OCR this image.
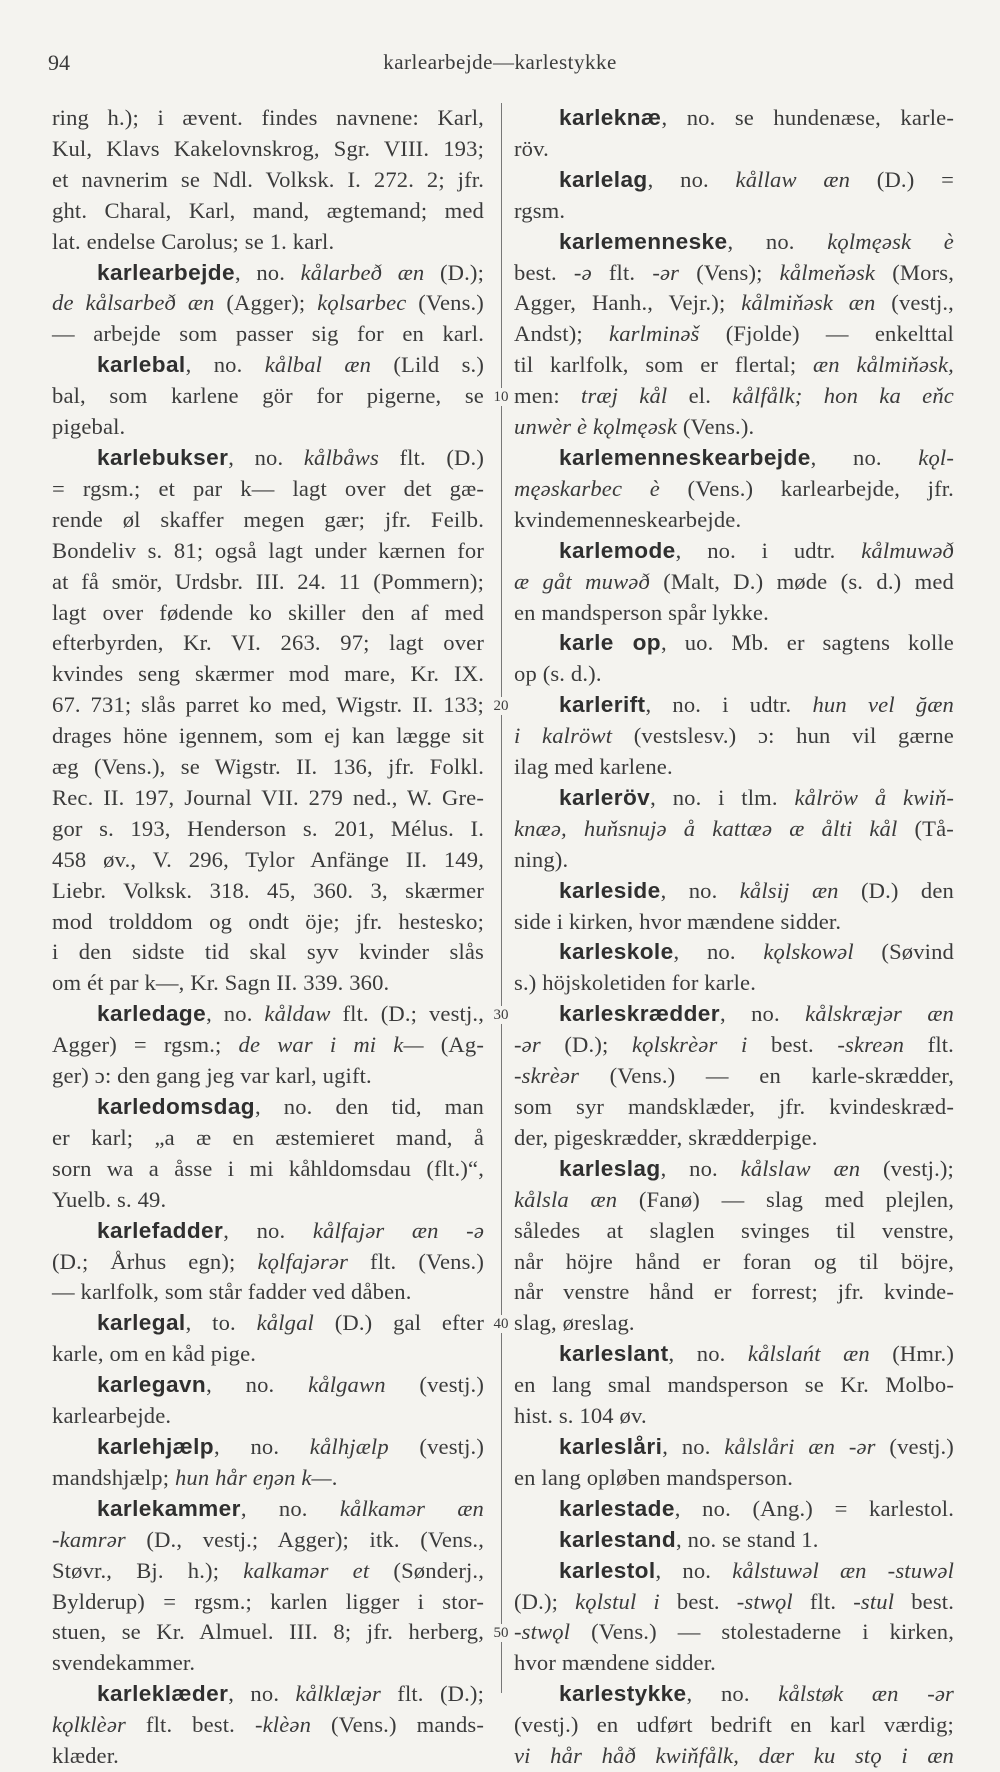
94	karlearbejde—karlestykke
ring h.); i ævent. findes navnene: Karl,
Kul, Klavs Kakelovnskrog, Sgr. VIII. 193;
et navnerim se Ndl. Volksk. I. 272. 2; jfr.
ght. Charal, Karl, mand, ægtemand; med
lat. endelse Carolus; se 1. karl.
karlearbejde, no. kålarbeð æn (D.);
de kålsarbeð æn (Agger); kǫlsarbec (Vens.)
— arbejde som passer sig for en karl.
karlebal, no. kålbal æn (Lild s.)
bal, som karlene gör for pigerne, se
pigebal.
karlebukser, no. kålbåws flt. (D.)
= rgsm.; et par k— lagt over det gæ-
rende øl skaffer megen gær; jfr. Feilb.
Bondeliv s. 81; også lagt under kærnen for
at få smör, Urdsbr. III. 24. 11 (Pommern);
lagt over fødende ko skiller den af med
efterbyrden, Kr. VI. 263. 97; lagt over
kvindes seng skærmer mod mare, Kr. IX.
67. 731; slås parret ko med, Wigstr. II. 133;
drages höne igennem, som ej kan lægge sit
æg (Vens.), se Wigstr. II. 136, jfr. Folkl.
Rec. II. 197, Journal VII. 279 ned., W. Gre-
gor s. 193, Henderson s. 201, Mélus. I.
458 øv., V. 296, Tylor Anfänge II. 149,
Liebr. Volksk. 318. 45, 360. 3, skærmer
mod trolddom og ondt öje; jfr. hestesko;
i den sidste tid skal syv kvinder slås
om ét par k—, Kr. Sagn II. 339. 360.
karledage, no. kåldaw flt. (D.; vestj.,
Agger) = rgsm.; de war i mi k— (Ag-
ger) ɔ: den gang jeg var karl, ugift.
karledomsdag, no. den tid, man
er karl; „a æ en æstemieret mand, å
sorn wa a åsse i mi kåhldomsdau (flt.)“,
Yuelb. s. 49.
karlefadder, no. kålfajər æn -ə
(D.; Århus egn); kǫlfajərər flt. (Vens.)
— karlfolk, som står fadder ved dåben.
karlegal, to. kålgal (D.) gal efter
karle, om en kåd pige.
karlegavn, no. kålgawn (vestj.)
karlearbejde.
karlehjælp, no. kålhjælp (vestj.)
mandshjælp; hun hår eŋən k—.
karlekammer, no. kålkamər æn
-kamrər (D., vestj.; Agger); itk. (Vens.,
Støvr., Bj. h.); kalkamər et (Sønderj.,
Bylderup) = rgsm.; karlen ligger i stor-
stuen, se Kr. Almuel. III. 8; jfr. herberg,
svendekammer.
karleklæder, no. kålklæjər flt. (D.);
kǫlklèər flt. best. -klèən (Vens.) mands-
klæder.
10
20
30
40
50
karleknæ, no. se hundenæse, karle-
röv.
karlelag, no. kållaw æn (D.) =
rgsm.
karlemenneske, no. kǫlmęəsk è
best. -ə flt. -ər (Vens); kålmeňəsk (Mors,
Agger, Hanh., Vejr.); kålmiňəsk æn (vestj.,
Andst); karlminəš (Fjolde) — enkelttal
til karlfolk, som er flertal; æn kålmiňəsk,
men: træj kål el. kålfålk; hon ka eňc
unwèr è kǫlmęəsk (Vens.).
karlemenneskearbejde, no. kǫl-
męəskarbec è (Vens.) karlearbejde, jfr.
kvindemenneskearbejde.
karlemode, no. i udtr. kålmuwəð
æ gåt muwəð (Malt, D.) møde (s. d.) med
en mandsperson spår lykke.
karle op, uo. Mb. er sagtens kolle
op (s. d.).
karlerift, no. i udtr. hun vel ğæn
i kalröwt (vestslesv.) ɔ: hun vil gærne
ilag med karlene.
karleröv, no. i tlm. kålröw å kwiň-
knæə, huňsnujə å kattæə æ ålti kål (Tå-
ning).
karleside, no. kålsij æn (D.) den
side i kirken, hvor mændene sidder.
karleskole, no. kǫlskowəl (Søvind
s.) höjskoletiden for karle.
karleskrædder, no. kålskræjər æn
-ər (D.); kǫlskrèər i best. -skreən flt.
-skrèər (Vens.) — en karle-skrædder,
som syr mandsklæder, jfr. kvindeskræd-
der, pigeskrædder, skrædderpige.
karleslag, no. kålslaw æn (vestj.);
kålsla æn (Fanø) — slag med plejlen,
således at slaglen svinges til venstre,
når höjre hånd er foran og til böjre,
når venstre hånd er forrest; jfr. kvinde-
slag, øreslag.
karleslant, no. kålslańt æn (Hmr.)
en lang smal mandsperson se Kr. Molbo-
hist. s. 104 øv.
karleslåri, no. kålslåri æn -ər (vestj.)
en lang opløben mandsperson.
karlestade, no. (Ang.) = karlestol.
karlestand, no. se stand 1.
karlestol, no. kålstuwəl æn -stuwəl
(D.); kǫlstul i best. -stwǫl flt. -stul best.
-stwǫl (Vens.) — stolestaderne i kirken,
hvor mændene sidder.
karlestykke, no. kålstøk æn -ər
(vestj.) en udført bedrift en karl værdig;
vi hår håð kwiňfålk, dær ku stǫ i æn
